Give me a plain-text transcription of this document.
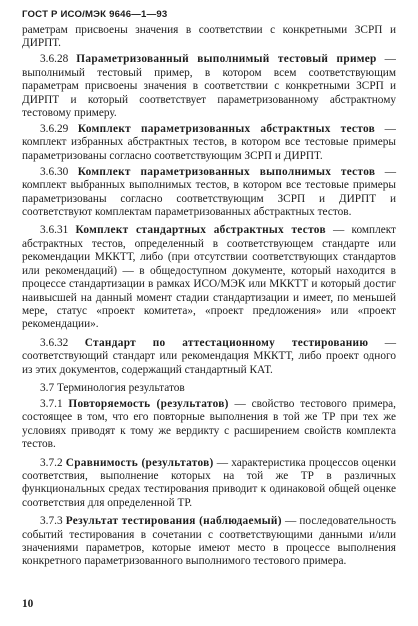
ГОСТ Р ИСО/МЭК 9646—1—93

раметрам присвоены значения в соответствии с конкретными ЗСРП и ДИРПТ.

3.6.28 Параметризованный выполнимый тестовый пример — выполнимый тестовый пример, в котором всем соответствующим параметрам присвоены значения в соответствии с конкретными ЗСРП и ДИРПТ и который соответствует параметризованному абстрактному тестовому примеру.

3.6.29 Комплект параметризованных абстрактных тестов — комплект избранных абстрактных тестов, в котором все тестовые примеры параметризованы согласно соответствующим ЗСРП и ДИРПТ.

3.6.30 Комплект параметризованных выполнимых тестов — комплект выбранных выполнимых тестов, в котором все тестовые примеры параметризованы согласно соответствующим ЗСРП и ДИРПТ и соответствуют комплектам параметризованных абстрактных тестов.

3.6.31 Комплект стандартных абстрактных тестов — комплект абстрактных тестов, определенный в соответствующем стандарте или рекомендации МККТТ, либо (при отсутствии соответствующих стандартов или рекомендаций) — в общедоступном документе, который находится в процессе стандартизации в рамках ИСО/МЭК или МККТТ и который достиг наивысшей на данный момент стадии стандартизации и имеет, по меньшей мере, статус «проект комитета», «проект предложения» или «проект рекомендации».

3.6.32 Стандарт по аттестационному тестированию — соответствующий стандарт или рекомендация МККТТ, либо проект одного из этих документов, содержащий стандартный КАТ.

3.7 Терминология результатов

3.7.1 Повторяемость (результатов) — свойство тестового примера, состоящее в том, что его повторные выполнения в той же ТР при тех же условиях приводят к тому же вердикту с расширением свойств комплекта тестов.

3.7.2 Сравнимость (результатов) — характеристика процессов оценки соответствия, выполнение которых на той же ТР в различных функциональных средах тестирования приводит к одинаковой общей оценке соответствия для определенной ТР.

3.7.3 Результат тестирования (наблюдаемый) — последовательность событий тестирования в сочетании с соответствующими данными и/или значениями параметров, которые имеют место в процессе выполнения конкретного параметризованного выполнимого тестового примера.

10
